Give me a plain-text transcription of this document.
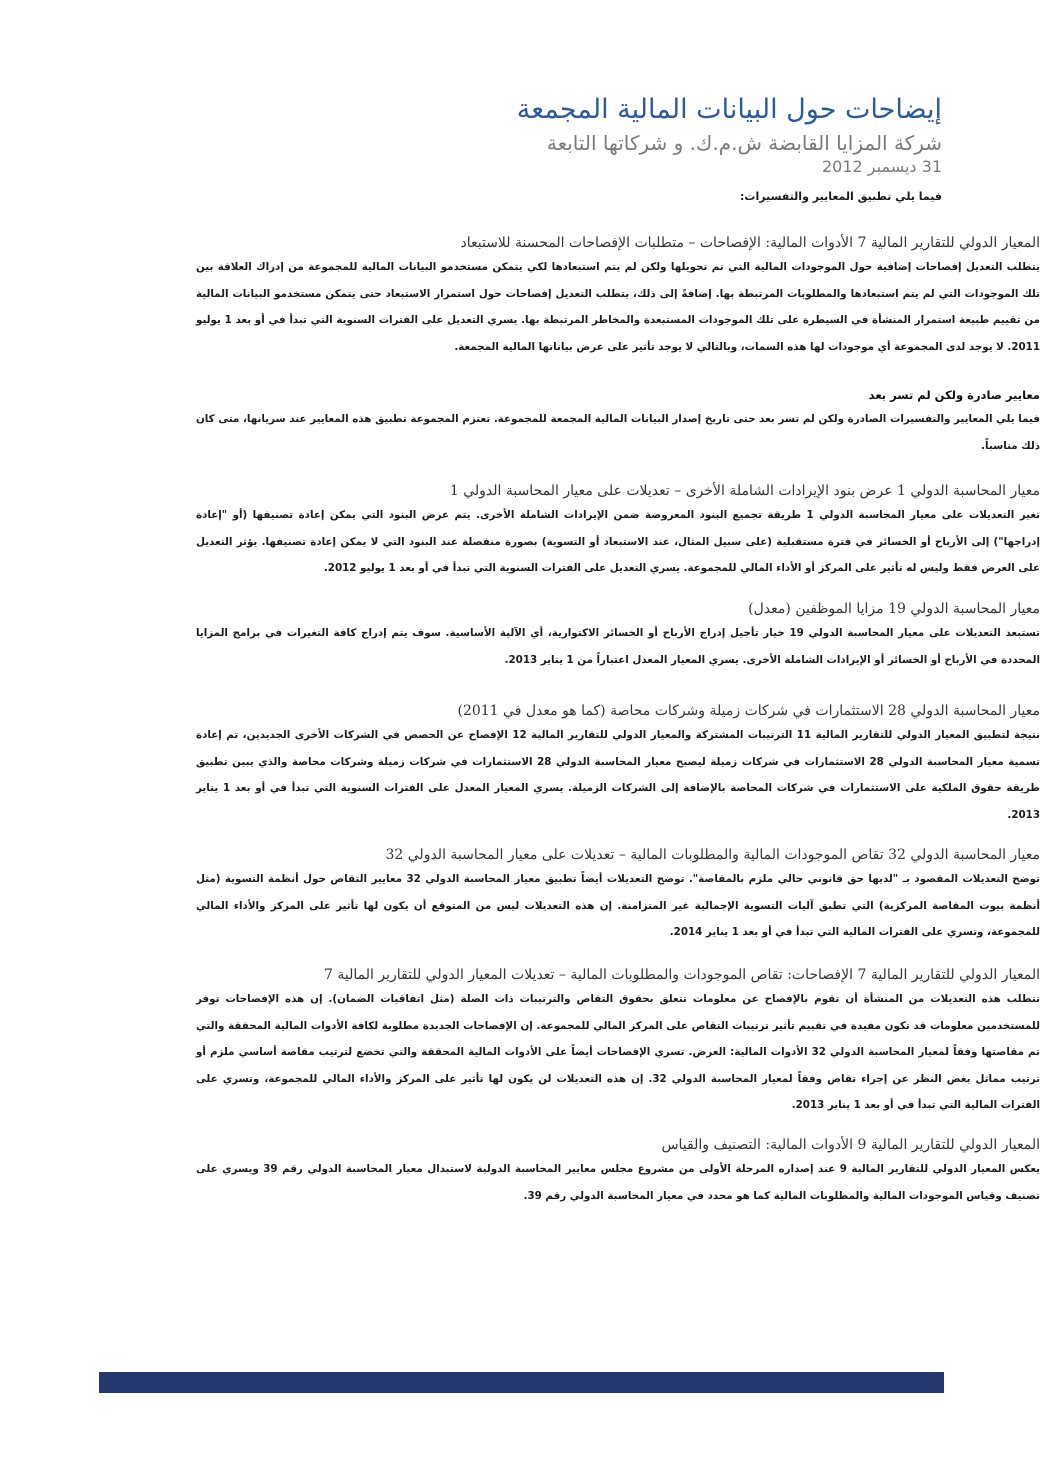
إيضاحات حول البيانات المالية المجمعة
شركة المزايا القابضة ش.م.ك. و شركاتها التابعة
31 ديسمبر 2012

فيما يلي تطبيق المعايير والتفسيرات:

المعيار الدولي للتقارير المالية 7 الأدوات المالية: الإفصاحات – متطلبات الإفصاحات المحسنة للاستبعاد

يتطلب التعديل إفصاحات إضافية حول الموجودات المالية التي تم تحويلها ولكن لم يتم استبعادها لكي يتمكن مستخدمو البيانات المالية للمجموعة من إدراك العلاقة بين تلك الموجودات التي لم يتم استبعادها والمطلوبات المرتبطة بها. إضافةً إلى ذلك، يتطلب التعديل إفصاحات حول استمرار الاستبعاد حتى يتمكن مستخدمو البيانات المالية من تقييم طبيعة استمرار المنشأة في السيطرة على تلك الموجودات المستبعدة والمخاطر المرتبطة بها. يسري التعديل على الفترات السنوية التي تبدأ في أو بعد 1 يوليو 2011. لا يوجد لدى المجموعة أي موجودات لها هذه السمات، وبالتالي لا يوجد تأثير على عرض بياناتها المالية المجمعة.

معايير صادرة ولكن لم تسر بعد

فيما يلي المعايير والتفسيرات الصادرة ولكن لم تسر بعد حتى تاريخ إصدار البيانات المالية المجمعة للمجموعة. تعتزم المجموعة تطبيق هذه المعايير عند سريانها، متى كان ذلك مناسباً.

معيار المحاسبة الدولي 1 عرض بنود الإيرادات الشاملة الأخرى – تعديلات على معيار المحاسبة الدولي 1

تغير التعديلات على معيار المحاسبة الدولي 1 طريقة تجميع البنود المعروضة ضمن الإيرادات الشاملة الأخرى. يتم عرض البنود التي يمكن إعادة تصنيفها (أو "إعادة إدراجها") إلى الأرباح أو الخسائر في فترة مستقبلية (على سبيل المثال، عند الاستبعاد أو التسوية) بصورة منفصلة عند البنود التي لا يمكن إعادة تصنيفها. يؤثر التعديل على العرض فقط وليس له تأثير على المركز أو الأداء المالي للمجموعة. يسري التعديل على الفترات السنوية التي تبدأ في أو بعد 1 يوليو 2012.

معيار المحاسبة الدولي 19 مزايا الموظفين (معدل)

تستبعد التعديلات على معيار المحاسبة الدولي 19 خيار تأجيل إدراج الأرباح أو الخسائر الاكتوارية، أي الآلية الأساسية. سوف يتم إدراج كافة التغيرات في برامج المزايا المحددة في الأرباح أو الخسائر أو الإيرادات الشاملة الأخرى. يسري المعيار المعدل اعتباراً من 1 يناير 2013.

معيار المحاسبة الدولي 28 الاستثمارات في شركات زميلة وشركات محاصة (كما هو معدل في 2011)

نتيجة لتطبيق المعيار الدولي للتقارير المالية 11 الترتيبات المشتركة والمعيار الدولي للتقارير المالية 12 الإفصاح عن الحصص في الشركات الأخرى الجديدين، تم إعادة تسمية معيار المحاسبة الدولي 28 الاستثمارات في شركات زميلة ليصبح معيار المحاسبة الدولي 28 الاستثمارات في شركات زميلة وشركات محاصة والذي يبين تطبيق طريقة حقوق الملكية على الاستثمارات في شركات المحاصة بالإضافة إلى الشركات الزميلة. يسري المعيار المعدل على الفترات السنوية التي تبدأ في أو بعد 1 يناير 2013.

معيار المحاسبة الدولي 32 تقاص الموجودات المالية والمطلوبات المالية – تعديلات على معيار المحاسبة الدولي 32

توضح التعديلات المقصود بـ "لديها حق قانوني حالي ملزم بالمقاصة". توضح التعديلات أيضاً تطبيق معيار المحاسبة الدولي 32 معايير التقاص حول أنظمة التسوية (مثل أنظمة بيوت المقاصة المركزية) التي تطبق آليات التسوية الإجمالية غير المتزامنة. إن هذه التعديلات ليس من المتوقع أن يكون لها تأثير على المركز والأداء المالي للمجموعة، وتسري على الفترات المالية التي تبدأ في أو بعد 1 يناير 2014.

المعيار الدولي للتقارير المالية 7 الإفصاحات: تقاص الموجودات والمطلوبات المالية – تعديلات المعيار الدولي للتقارير المالية 7

تتطلب هذه التعديلات من المنشأة أن تقوم بالإفصاح عن معلومات تتعلق بحقوق التقاص والترتيبات ذات الصلة (مثل اتفاقيات الضمان). إن هذه الإفصاحات توفر للمستخدمين معلومات قد تكون مفيدة في تقييم تأثير ترتيبات التقاص على المركز المالي للمجموعة. إن الإفصاحات الجديدة مطلوبة لكافة الأدوات المالية المحققة والتي تم مقاصتها وفقاً لمعيار المحاسبة الدولي 32 الأدوات المالية: العرض. تسري الإفصاحات أيضاً على الأدوات المالية المحققة والتي تخضع لترتيب مقاصة أساسي ملزم أو ترتيب مماثل بغض النظر عن إجراء تقاص وفقاً لمعيار المحاسبة الدولي 32. إن هذه التعديلات لن يكون لها تأثير على المركز والأداء المالي للمجموعة، وتسري على الفترات المالية التي تبدأ في أو بعد 1 يناير 2013.

المعيار الدولي للتقارير المالية 9 الأدوات المالية: التصنيف والقياس

يعكس المعيار الدولي للتقارير المالية 9 عند إصداره المرحلة الأولى من مشروع مجلس معايير المحاسبة الدولية لاستبدال معيار المحاسبة الدولي رقم 39 ويسري على تصنيف وقياس الموجودات المالية والمطلوبات المالية كما هو محدد في معيار المحاسبة الدولي رقم 39.
